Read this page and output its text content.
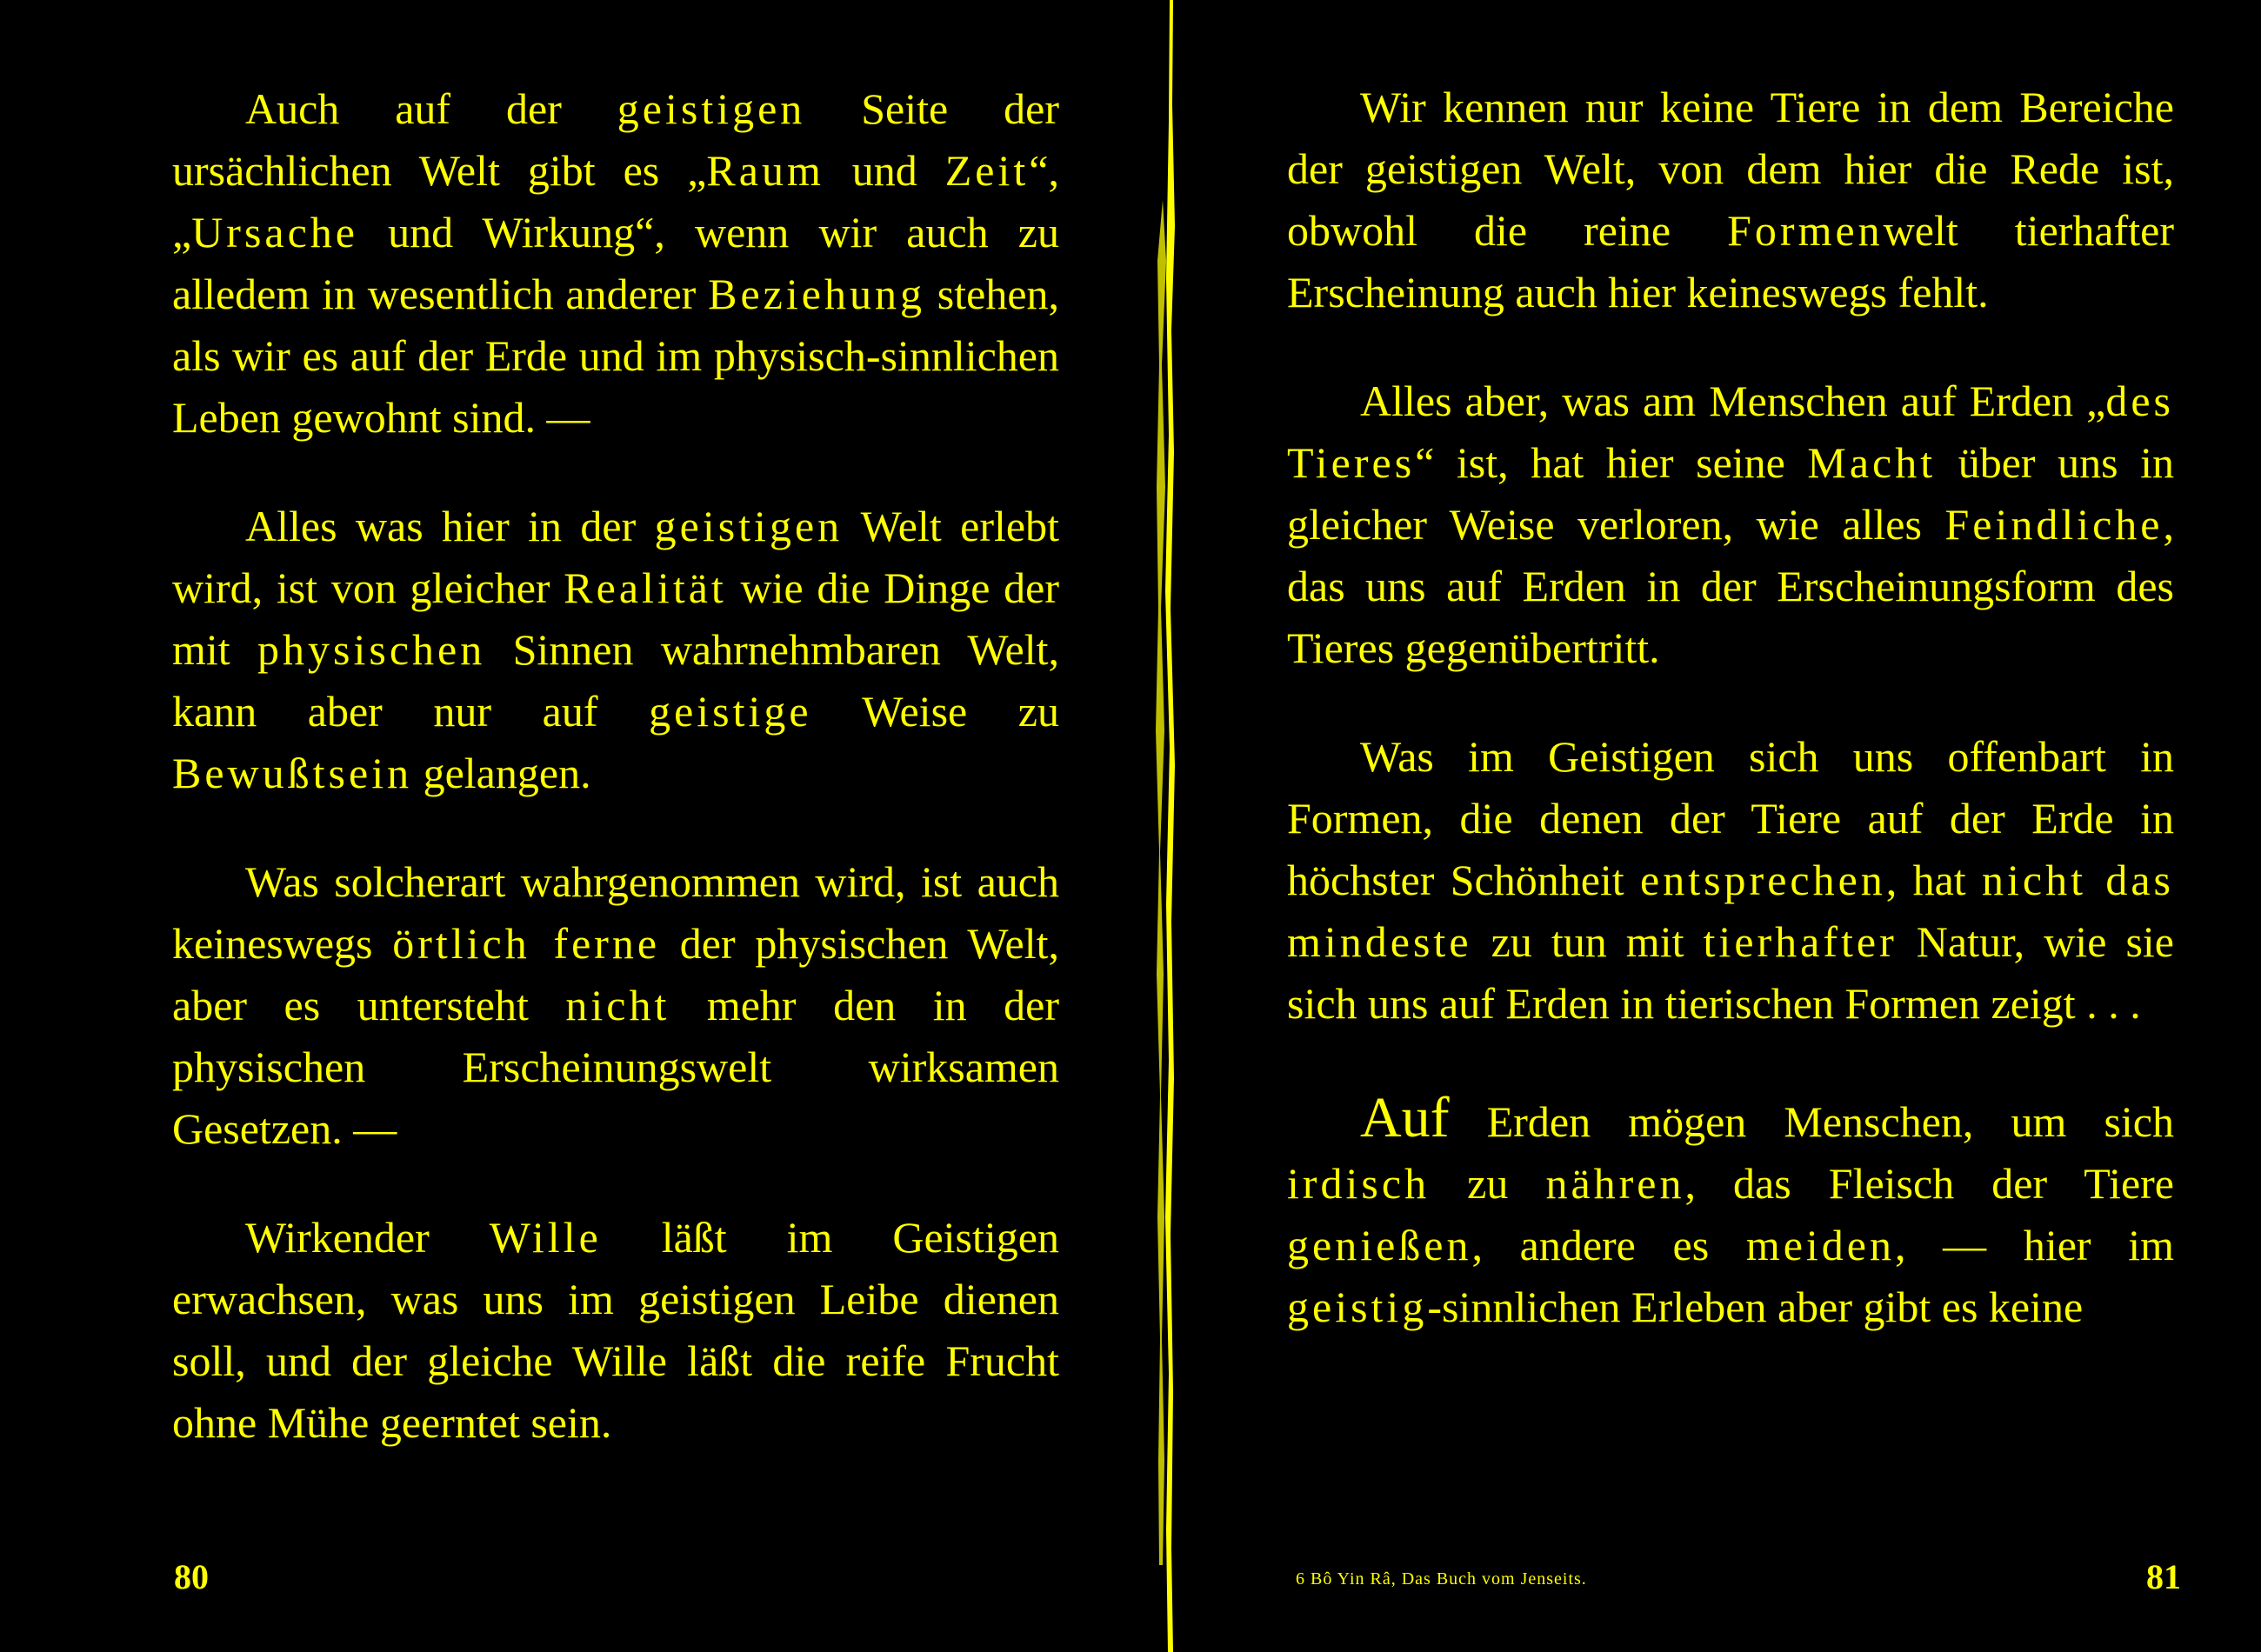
Auch auf der geistigen Seite der ursächlichen Welt gibt es „Raum und Zeit“, „Ursache und Wirkung“, wenn wir auch zu alledem in wesentlich anderer Beziehung stehen, als wir es auf der Erde und im physisch-sinnlichen Leben gewohnt sind. —

Alles was hier in der geistigen Welt erlebt wird, ist von gleicher Realität wie die Dinge der mit physischen Sinnen wahrnehmbaren Welt, kann aber nur auf geistige Weise zu Bewußtsein gelangen.

Was solcherart wahrgenommen wird, ist auch keineswegs örtlich ferne der physischen Welt, aber es untersteht nicht mehr den in der physischen Erscheinungswelt wirksamen Gesetzen. —

Wirkender Wille läßt im Geistigen erwachsen, was uns im geistigen Leibe dienen soll, und der gleiche Wille läßt die reife Frucht ohne Mühe geerntet sein.

80

Wir kennen nur keine Tiere in dem Bereiche der geistigen Welt, von dem hier die Rede ist, obwohl die reine Formenwelt tierhafter Erscheinung auch hier keineswegs fehlt.

Alles aber, was am Menschen auf Erden „des Tieres“ ist, hat hier seine Macht über uns in gleicher Weise verloren, wie alles Feindliche, das uns auf Erden in der Erscheinungsform des Tieres gegenübertritt.

Was im Geistigen sich uns offenbart in Formen, die denen der Tiere auf der Erde in höchster Schönheit entsprechen, hat nicht das mindeste zu tun mit tierhafter Natur, wie sie sich uns auf Erden in tierischen Formen zeigt . . .

Auf Erden mögen Menschen, um sich irdisch zu nähren, das Fleisch der Tiere genießen, andere es meiden, — hier im geistig-sinnlichen Erleben aber gibt es keine

6 Bô Yin Râ, Das Buch vom Jenseits.	81
